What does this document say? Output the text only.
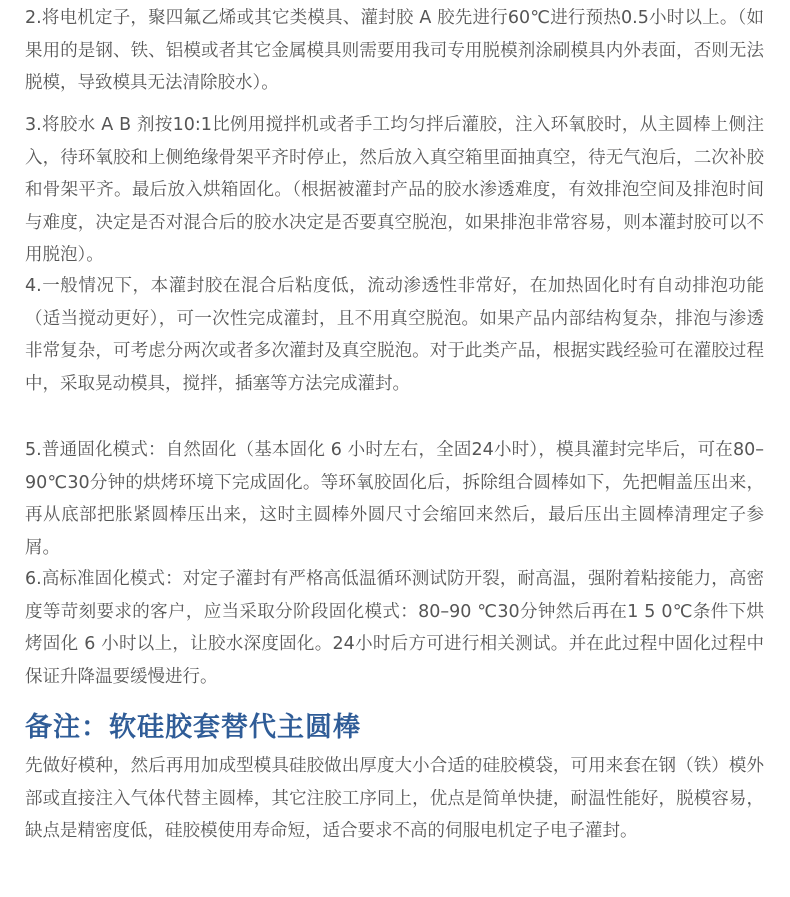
2.将电机定子，聚四氟乙烯或其它类模具、灌封胶 A 胶先进行60℃进行预热0.5小时以上。（如果用的是钢、铁、铝模或者其它金属模具则需要用我司专用脱模剂涂刷模具内外表面，否则无法脱模，导致模具无法清除胶水）。

3.将胶水 A B 剂按10:1比例用搅拌机或者手工均匀拌后灌胶，注入环氧胶时，从主圆棒上侧注入，待环氧胶和上侧绝缘骨架平齐时停止，然后放入真空箱里面抽真空，待无气泡后，二次补胶和骨架平齐。最后放入烘箱固化。（根据被灌封产品的胶水渗透难度，有效排泡空间及排泡时间与难度，决定是否对混合后的胶水决定是否要真空脱泡，如果排泡非常容易，则本灌封胶可以不用脱泡）。

4.一般情况下，本灌封胶在混合后粘度低，流动渗透性非常好，在加热固化时有自动排泡功能（适当搅动更好），可一次性完成灌封，且不用真空脱泡。如果产品内部结构复杂，排泡与渗透非常复杂，可考虑分两次或者多次灌封及真空脱泡。对于此类产品，根据实践经验可在灌胶过程中，采取晃动模具，搅拌，插塞等方法完成灌封。

5.普通固化模式：自然固化（基本固化 6 小时左右，全固24小时），模具灌封完毕后，可在80–90℃30分钟的烘烤环境下完成固化。等环氧胶固化后，拆除组合圆棒如下，先把帽盖压出来，再从底部把胀紧圆棒压出来，这时主圆棒外圆尺寸会缩回来然后，最后压出主圆棒清理定子参屑。

6.高标准固化模式：对定子灌封有严格高低温循环测试防开裂，耐高温，强附着粘接能力，高密度等苛刻要求的客户，应当采取分阶段固化模式：80–90 ℃30分钟然后再在1 5 0℃条件下烘烤固化 6 小时以上，让胶水深度固化。24小时后方可进行相关测试。并在此过程中固化过程中保证升降温要缓慢进行。

备注：软硅胶套替代主圆棒

先做好模种，然后再用加成型模具硅胶做出厚度大小合适的硅胶模袋，可用来套在钢（铁）模外部或直接注入气体代替主圆棒，其它注胶工序同上，优点是简单快捷，耐温性能好，脱模容易，缺点是精密度低，硅胶模使用寿命短，适合要求不高的伺服电机定子电子灌封。
